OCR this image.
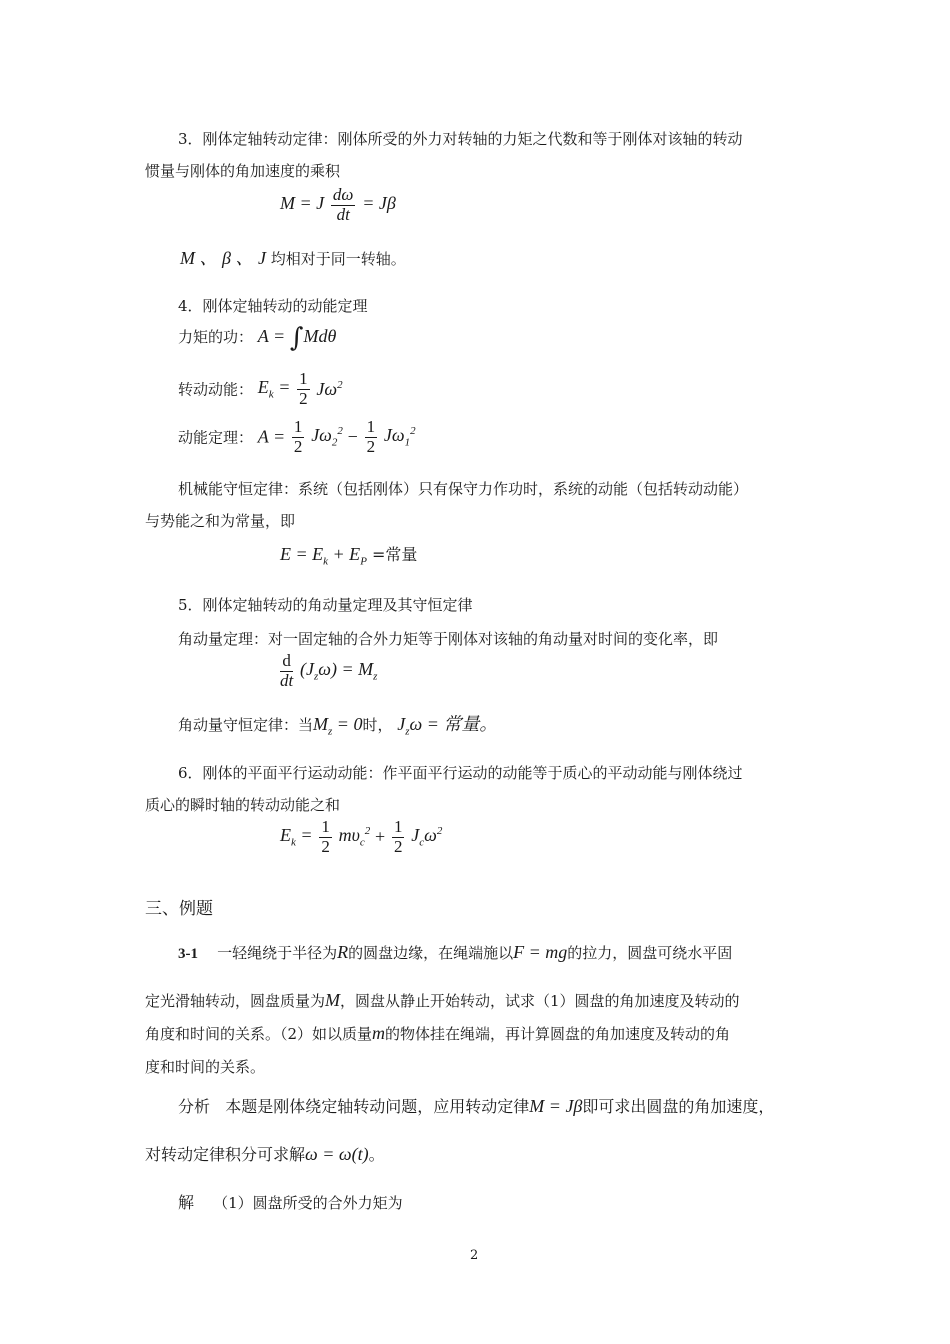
3．刚体定轴转动定律：刚体所受的外力对转轴的力矩之代数和等于刚体对该轴的转动
惯量与刚体的角加速度的乘积
M = J $\frac{d\omega}{dt} = J\beta$
M 、 β 、 J 均相对于同一转轴。
4．刚体定轴转动的动能定理
力矩的功： A = ∫Mdθ
转动动能： $E_k = \frac{1}{2} J\omega^2$
动能定理： $A = \frac{1}{2} J\omega_2^2 - \frac{1}{2} J\omega_1^2$
机械能守恒定律：系统（包括刚体）只有保守力作功时，系统的动能（包括转动动能）
与势能之和为常量，即
$E = E_k + E_P$ =常量
5．刚体定轴转动的角动量定理及其守恒定律
角动量定理：对一固定轴的合外力矩等于刚体对该轴的角动量对时间的变化率，即
$\frac{d}{dt} (J_z\omega) = M_z$
角动量守恒定律：当$M_z = 0$时， $J_z\omega$ = 常量。
6．刚体的平面平行运动动能：作平面平行运动的动能等于质心的平动动能与刚体绕过
质心的瞬时轴的转动动能之和
$E_k = \frac{1}{2} m\upsilon_c^2 + \frac{1}{2} J_c\omega^2$
三、例题
3-1 一轻绳绕于半径为R的圆盘边缘，在绳端施以F = mg的拉力，圆盘可绕水平固
定光滑轴转动，圆盘质量为M，圆盘从静止开始转动，试求（1）圆盘的角加速度及转动的
角度和时间的关系。（2）如以质量m的物体挂在绳端，再计算圆盘的角加速度及转动的角
度和时间的关系。
分析 本题是刚体绕定轴转动问题，应用转动定律M = Jβ即可求出圆盘的角加速度，
对转动定律积分可求解ω = ω(t)。
解 （1）圆盘所受的合外力矩为
2
